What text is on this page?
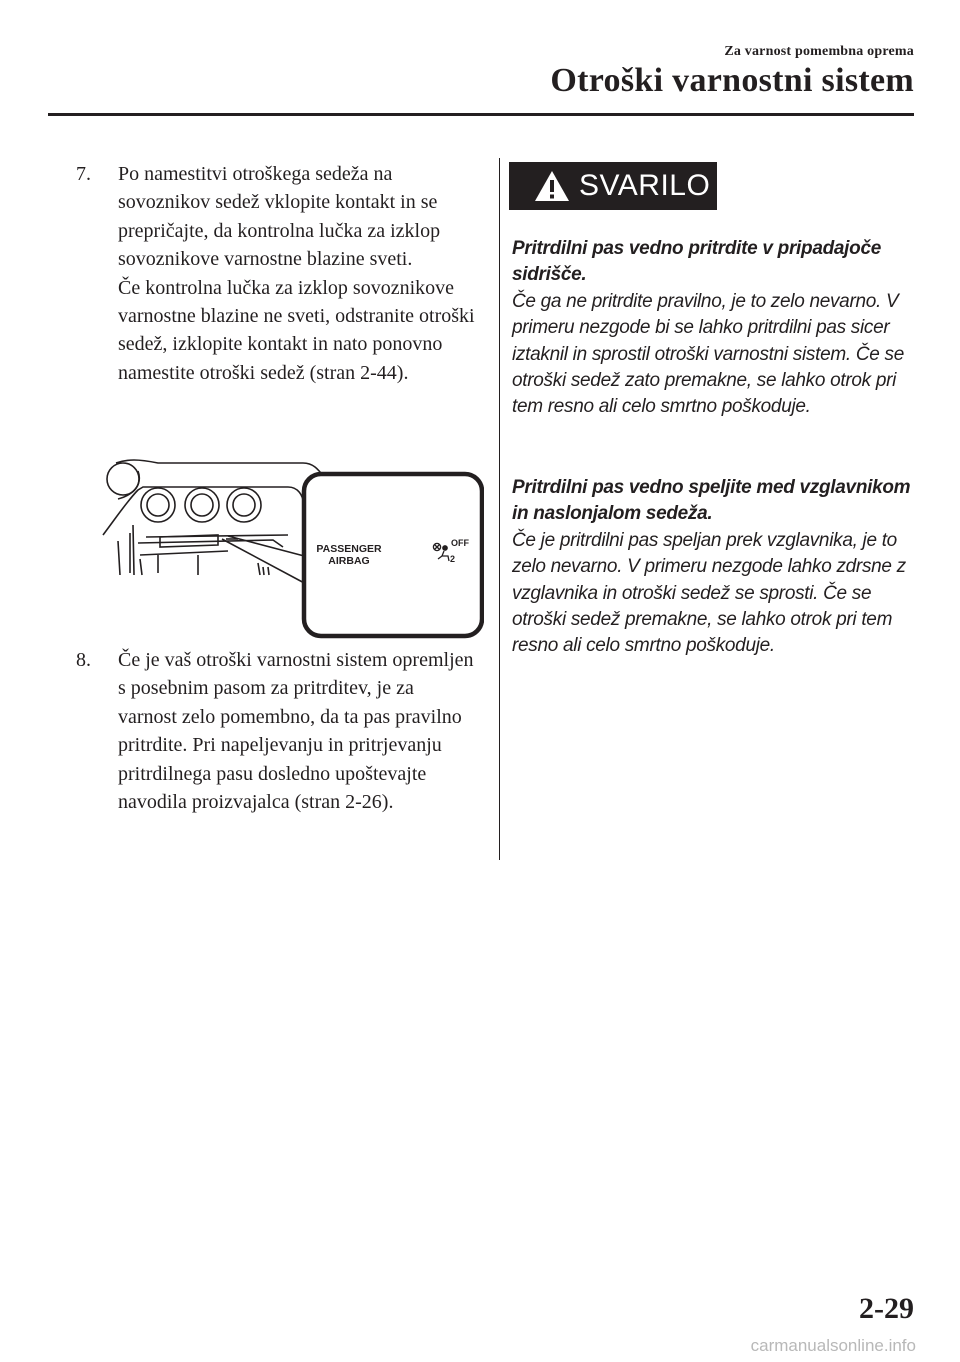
Za varnost pomembna oprema
Otroški varnostni sistem
7. Po namestitvi otroškega sedeža na sovoznikov sedež vklopite kontakt in se prepričajte, da kontrolna lučka za izklop sovoznikove varnostne blazine sveti.

Če kontrolna lučka za izklop sovoznikove varnostne blazine ne sveti, odstranite otroški sedež, izklopite kontakt in nato ponovno namestite otroški sedež (stran 2-44).

PASSENGER
AIRBAG
OFF
2
8. Če je vaš otroški varnostni sistem opremljen s posebnim pasom za pritrditev, je za varnost zelo pomembno, da ta pas pravilno pritrdite. Pri napeljevanju in pritrjevanju pritrdilnega pasu dosledno upoštevajte navodila proizvajalca (stran 2-26).

SVARILO

Pritrdilni pas vedno pritrdite v pripadajoče sidrišče.

Če ga ne pritrdite pravilno, je to zelo nevarno. V primeru nezgode bi se lahko pritrdilni pas sicer iztaknil in sprostil otroški varnostni sistem. Če se otroški sedež zato premakne, se lahko otrok pri tem resno ali celo smrtno poškoduje.

Pritrdilni pas vedno speljite med vzglavnikom in naslonjalom sedeža.

Če je pritrdilni pas speljan prek vzglavnika, je to zelo nevarno. V primeru nezgode lahko zdrsne z vzglavnika in otroški sedež se sprosti. Če se otroški sedež premakne, se lahko otrok pri tem resno ali celo smrtno poškoduje.

2-29
carmanualsonline.info
